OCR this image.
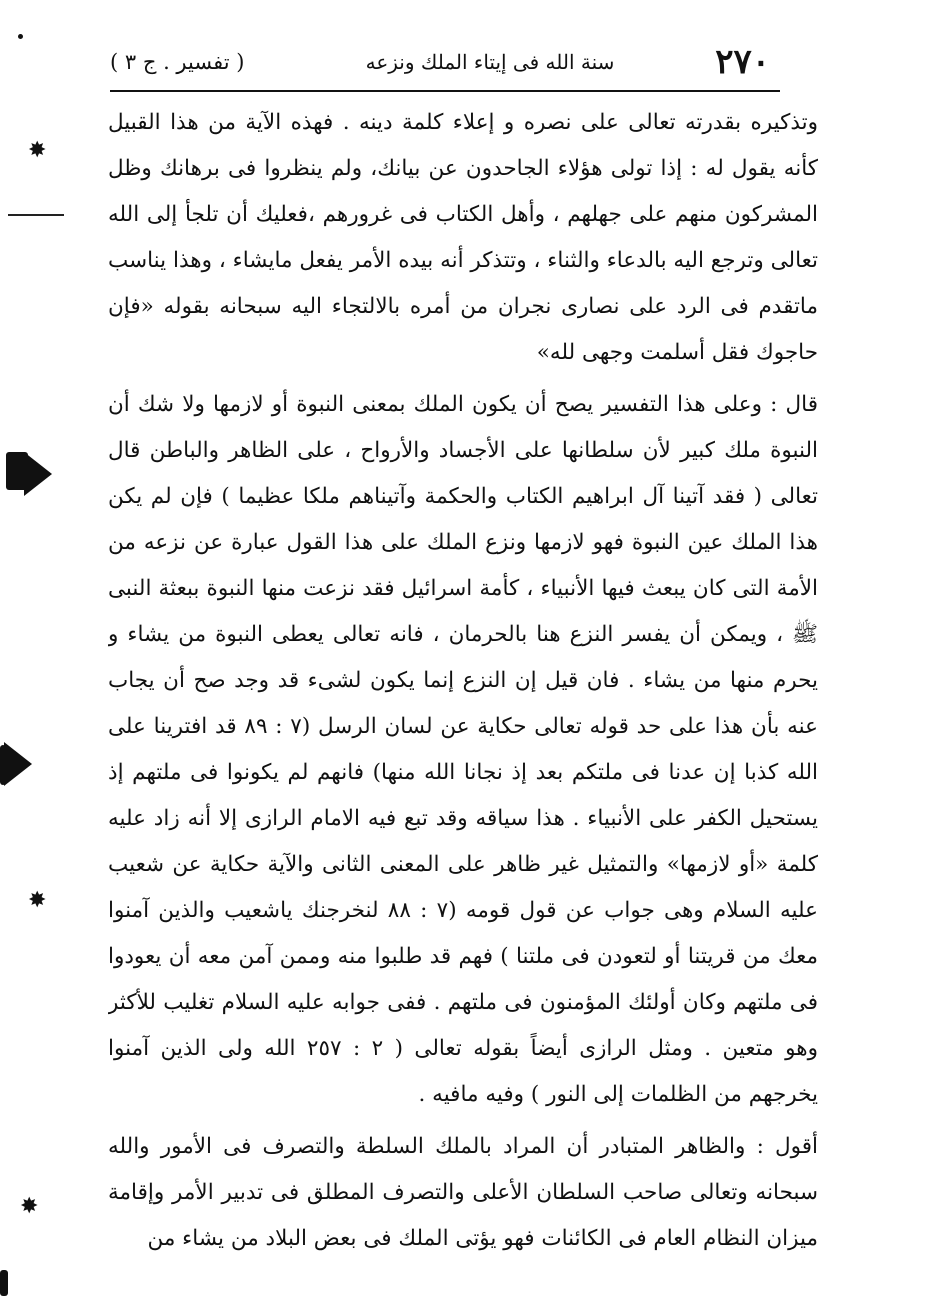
٢٧٠
سنة الله فى إيتاء الملك ونزعه
( تفسير . ج ٣ )

وتذكيره بقدرته تعالى على نصره و إعلاء كلمة دينه . فهذه الآية من هذا القبيل كأنه يقول له : إذا تولى هؤلاء الجاحدون عن بيانك، ولم ينظروا فى برهانك وظل المشركون منهم على جهلهم ، وأهل الكتاب فى غرورهم ،فعليك أن تلجأ إلى الله تعالى وترجع اليه بالدعاء والثناء ، وتتذكر أنه بيده الأمر يفعل مايشاء ، وهذا يناسب ماتقدم فى الرد على نصارى نجران من أمره بالالتجاء اليه سبحانه بقوله «فإن حاجوك فقل أسلمت وجهى لله»

قال : وعلى هذا التفسير يصح أن يكون الملك بمعنى النبوة أو لازمها ولا شك أن النبوة ملك كبير لأن سلطانها على الأجساد والأرواح ، على الظاهر والباطن قال تعالى ( فقد آتينا آل ابراهيم الكتاب والحكمة وآتيناهم ملكا عظيما ) فإن لم يكن هذا الملك عين النبوة فهو لازمها ونزع الملك على هذا القول عبارة عن نزعه من الأمة التى كان يبعث فيها الأنبياء ، كأمة اسرائيل فقد نزعت منها النبوة ببعثة النبى ﷺ ، ويمكن أن يفسر النزع هنا بالحرمان ، فانه تعالى يعطى النبوة من يشاء و يحرم منها من يشاء . فان قيل إن النزع إنما يكون لشىء قد وجد صح أن يجاب عنه بأن هذا على حد قوله تعالى حكاية عن لسان الرسل (٧ : ٨٩ قد افترينا على الله كذبا إن عدنا فى ملتكم بعد إذ نجانا الله منها) فانهم لم يكونوا فى ملتهم إذ يستحيل الكفر على الأنبياء . هذا سياقه وقد تبع فيه الامام الرازى إلا أنه زاد عليه كلمة «أو لازمها» والتمثيل غير ظاهر على المعنى الثانى والآية حكاية عن شعيب عليه السلام وهى جواب عن قول قومه (٧ : ٨٨ لنخرجنك ياشعيب والذين آمنوا معك من قريتنا أو لتعودن فى ملتنا ) فهم قد طلبوا منه وممن آمن معه أن يعودوا فى ملتهم وكان أولئك المؤمنون فى ملتهم . ففى جوابه عليه السلام تغليب للأكثر وهو متعين . ومثل الرازى أيضاً بقوله تعالى ( ٢ : ٢٥٧ الله ولى الذين آمنوا يخرجهم من الظلمات إلى النور ) وفيه مافيه .

أقول : والظاهر المتبادر أن المراد بالملك السلطة والتصرف فى الأمور والله سبحانه وتعالى صاحب السلطان الأعلى والتصرف المطلق فى تدبير الأمر وإقامة ميزان النظام العام فى الكائنات فهو يؤتى الملك فى بعض البلاد من يشاء من

✸
✸
✸
